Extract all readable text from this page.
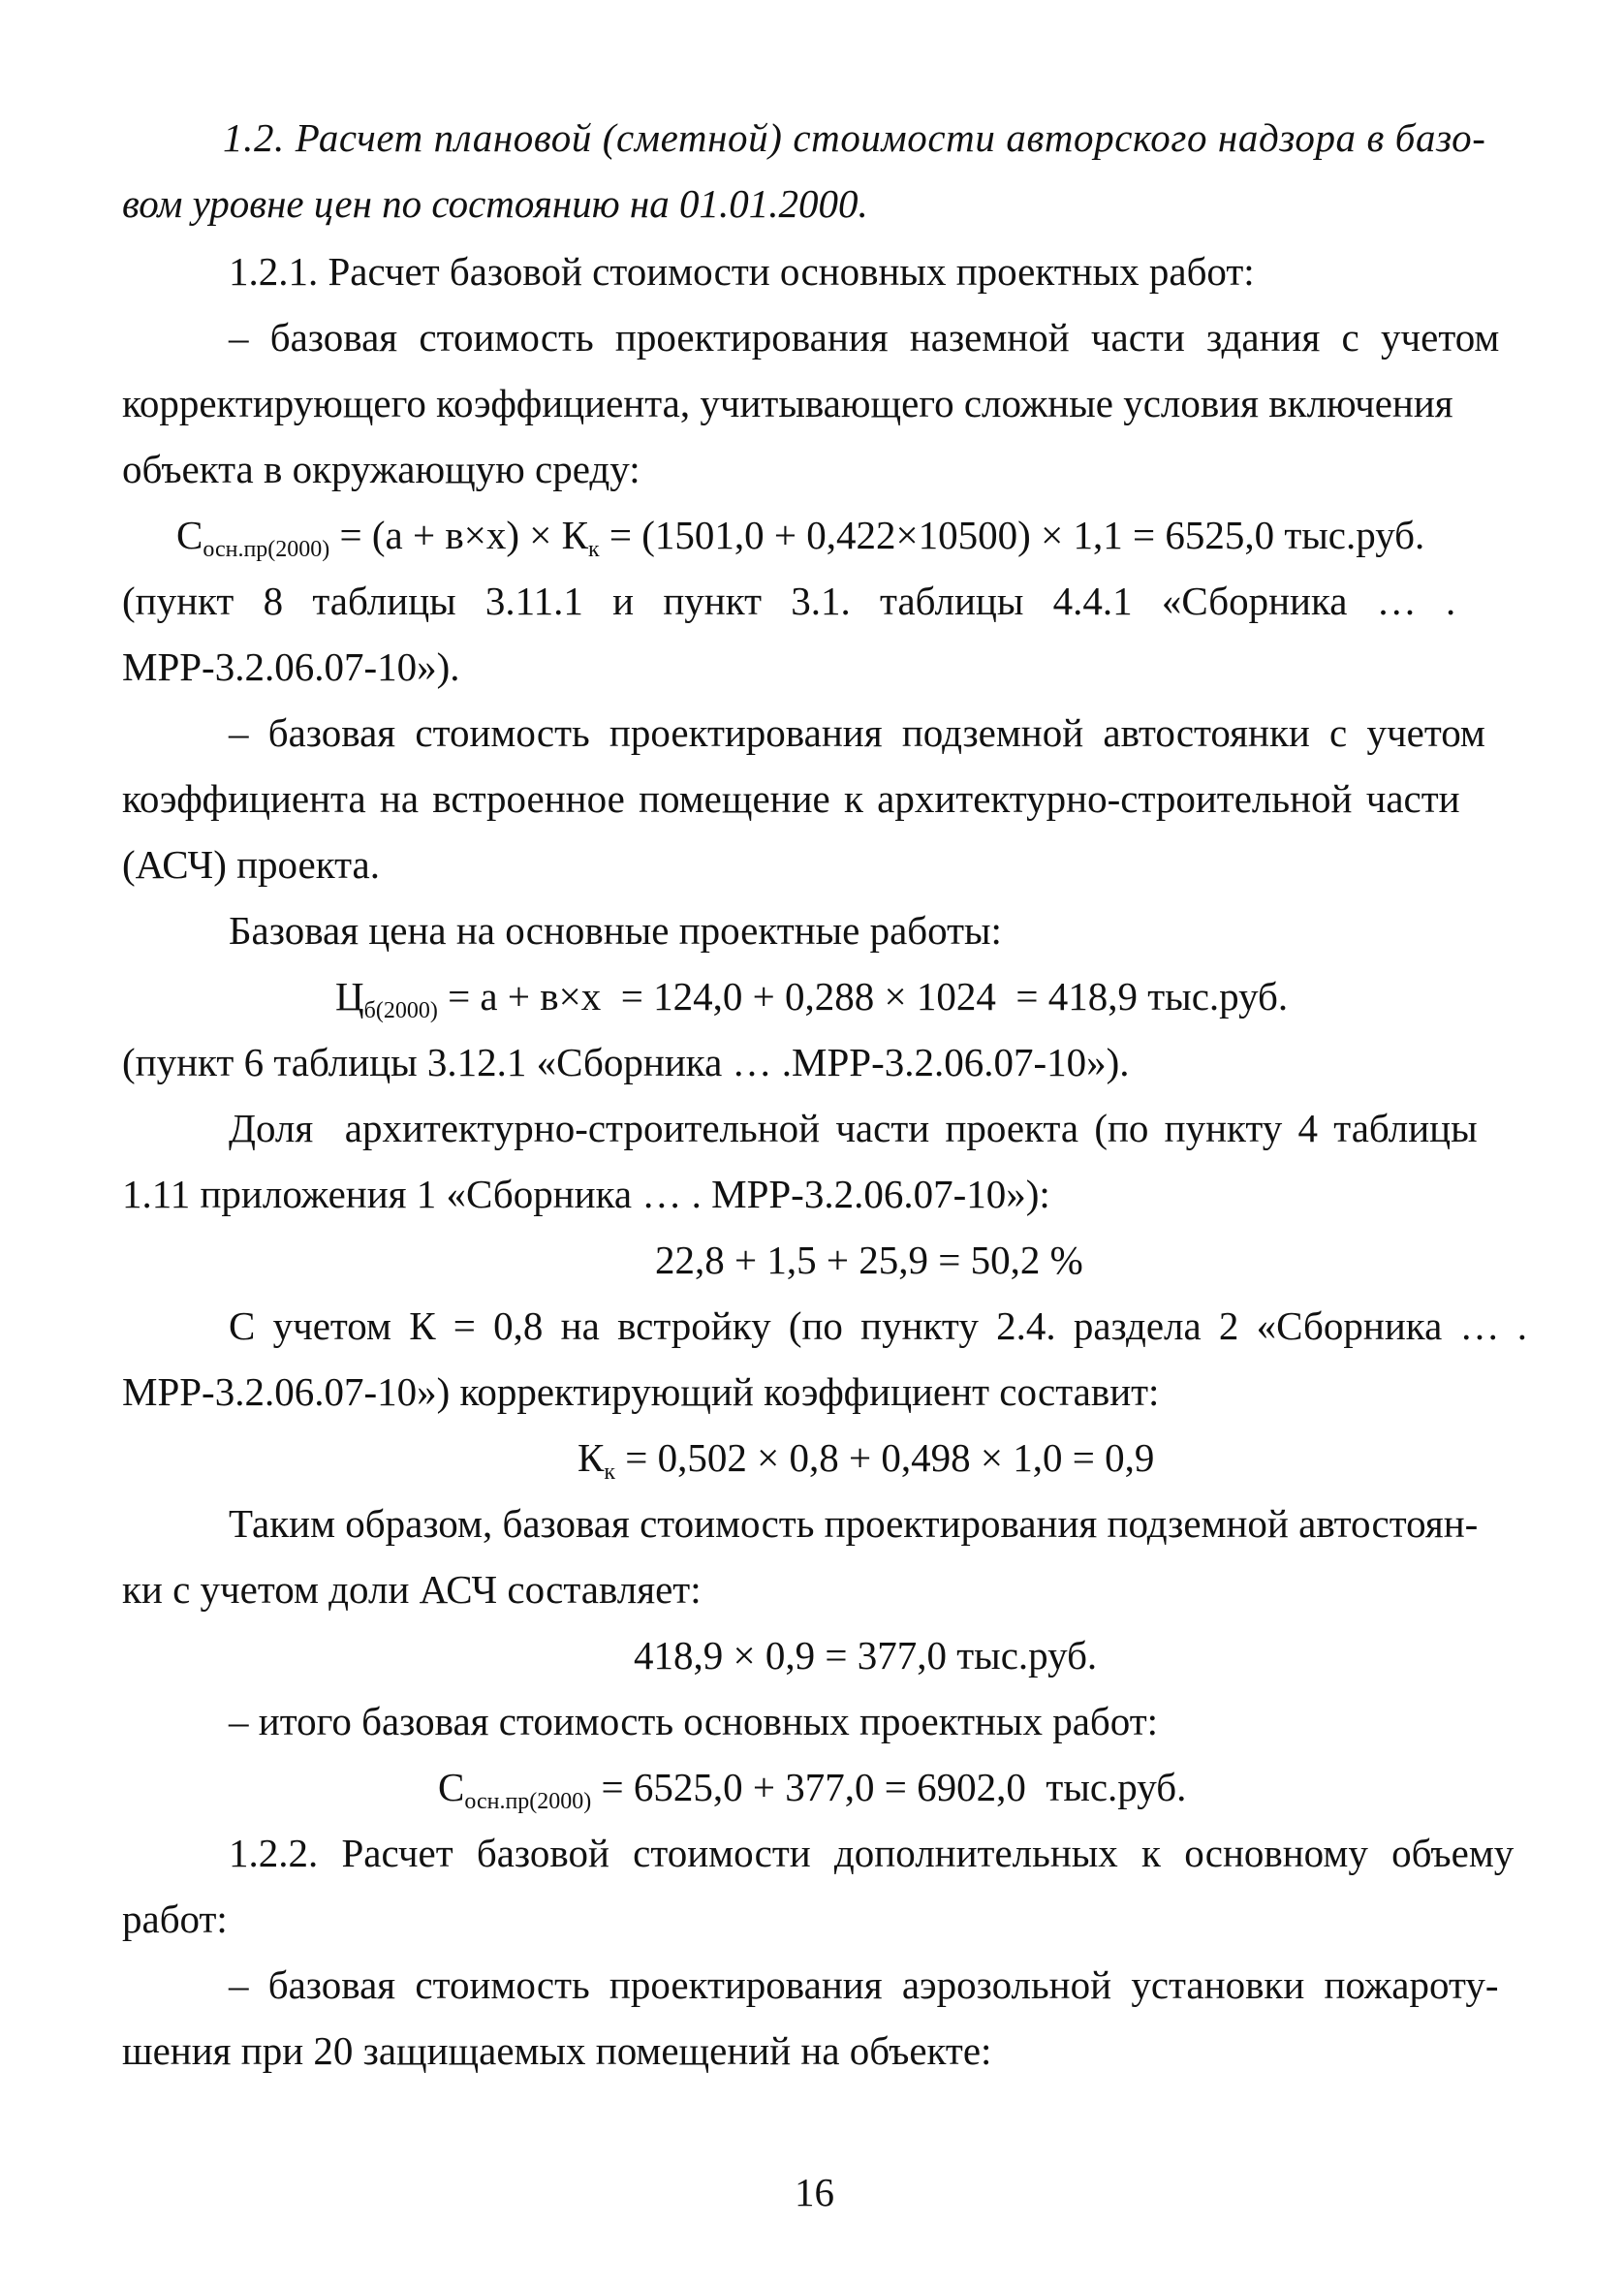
1.2. Расчет плановой (сметной) стоимости авторского надзора в базо-
вом уровне цен по состоянию на 01.01.2000.
1.2.1. Расчет базовой стоимости основных проектных работ:
– базовая стоимость проектирования наземной части здания с учетом
корректирующего коэффициента, учитывающего сложные условия включения
объекта в окружающую среду:
$С_{осн.пр(2000)} = (а + в\times х) \times К_к = (1501,0 + 0,422\times 10500) \times 1,1 = 6525,0$ тыс.руб.
(пункт 8 таблицы 3.11.1 и пункт 3.1. таблицы 4.4.1 «Сборника … .
МРР-3.2.06.07-10»).
– базовая стоимость проектирования подземной автостоянки с учетом
коэффициента на встроенное помещение к архитектурно-строительной части
(АСЧ) проекта.
Базовая цена на основные проектные работы:
$Ц_{б(2000)} = а + в\times х = 124,0 + 0,288 \times 1024 = 418,9$ тыс.руб.
(пункт 6 таблицы 3.12.1 «Сборника … .МРР-3.2.06.07-10»).
Доля  архитектурно-строительной части проекта (по пункту 4 таблицы
1.11 приложения 1 «Сборника … . МРР-3.2.06.07-10»):
22,8 + 1,5 + 25,9 = 50,2 %
С учетом К = 0,8 на встройку (по пункту 2.4. раздела 2 «Сборника … .
МРР-3.2.06.07-10») корректирующий коэффициент составит:
$К_к = 0,502 \times 0,8 + 0,498 \times 1,0 = 0,9$
Таким образом, базовая стоимость проектирования подземной автостоян-
ки с учетом доли АСЧ составляет:
418,9 × 0,9 = 377,0 тыс.руб.
– итого базовая стоимость основных проектных работ:
$С_{осн.пр(2000)} = 6525,0 + 377,0 = 6902,0$  тыс.руб.
1.2.2. Расчет базовой стоимости дополнительных к основному объему
работ:
– базовая стоимость проектирования аэрозольной установки пожароту-
шения при 20 защищаемых помещений на объекте:
16
